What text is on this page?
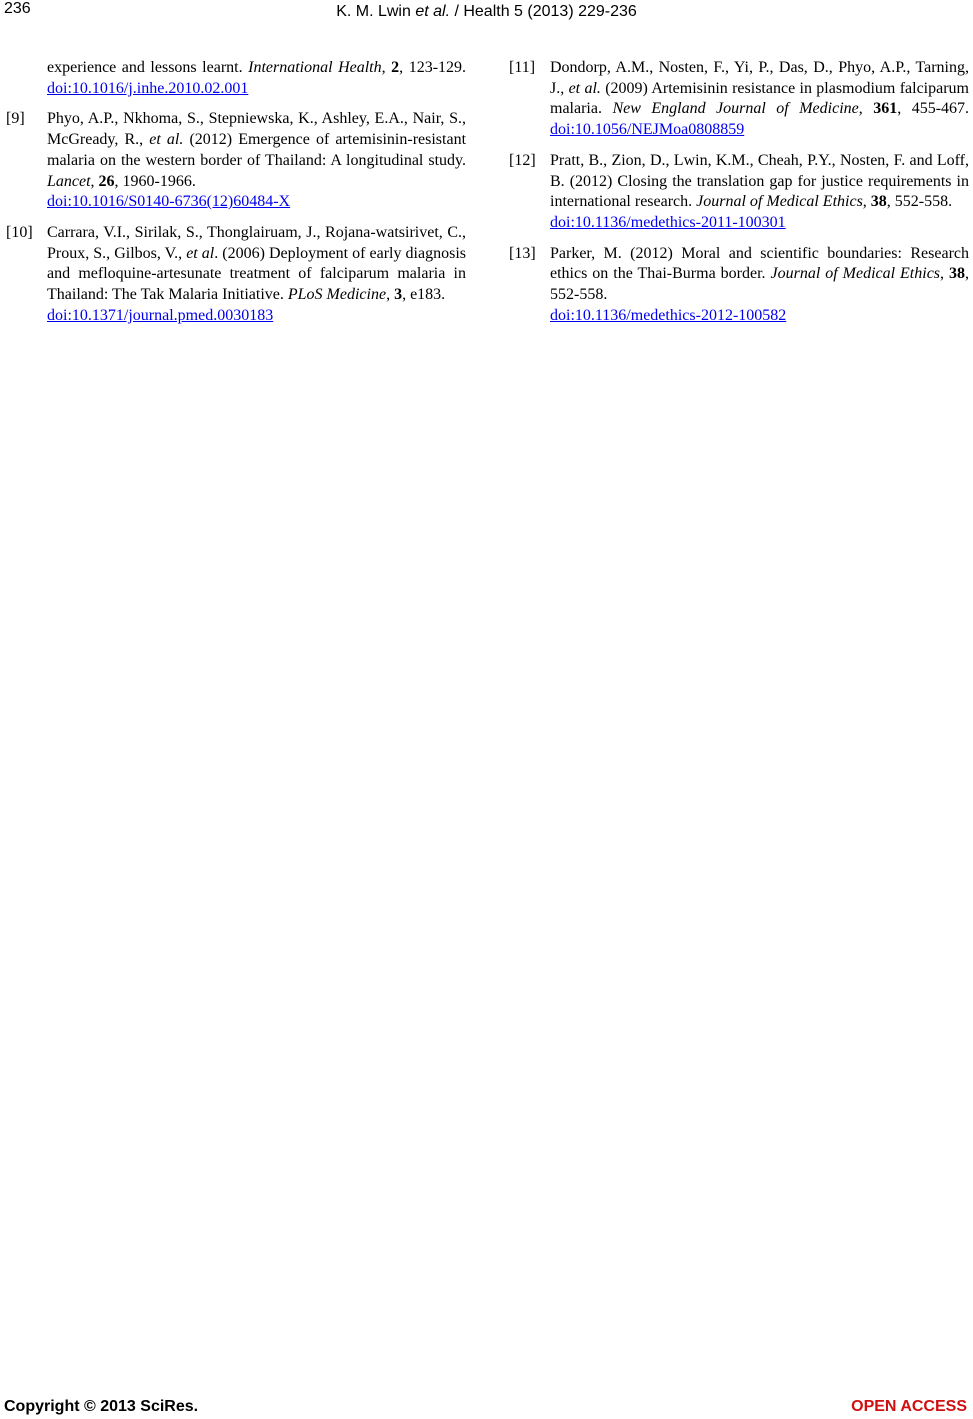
236	K. M. Lwin et al. / Health 5 (2013) 229-236
experience and lessons learnt. International Health, 2, 123-129. doi:10.1016/j.inhe.2010.02.001
[9] Phyo, A.P., Nkhoma, S., Stepniewska, K., Ashley, E.A., Nair, S., McGready, R., et al. (2012) Emergence of artemisinin-resistant malaria on the western border of Thailand: A longitudinal study. Lancet, 26, 1960-1966.
doi:10.1016/S0140-6736(12)60484-X
[10] Carrara, V.I., Sirilak, S., Thonglairuam, J., Rojana-watsirivet, C., Proux, S., Gilbos, V., et al. (2006) Deployment of early diagnosis and mefloquine-artesunate treatment of falciparum malaria in Thailand: The Tak Malaria Initiative. PLoS Medicine, 3, e183.
doi:10.1371/journal.pmed.0030183
[11] Dondorp, A.M., Nosten, F., Yi, P., Das, D., Phyo, A.P., Tarning, J., et al. (2009) Artemisinin resistance in plasmodium falciparum malaria. New England Journal of Medicine, 361, 455-467. doi:10.1056/NEJMoa0808859
[12] Pratt, B., Zion, D., Lwin, K.M., Cheah, P.Y., Nosten, F. and Loff, B. (2012) Closing the translation gap for justice requirements in international research. Journal of Medical Ethics, 38, 552-558.
doi:10.1136/medethics-2011-100301
[13] Parker, M. (2012) Moral and scientific boundaries: Research ethics on the Thai-Burma border. Journal of Medical Ethics, 38, 552-558.
doi:10.1136/medethics-2012-100582
Copyright © 2013 SciRes.	OPEN ACCESS
